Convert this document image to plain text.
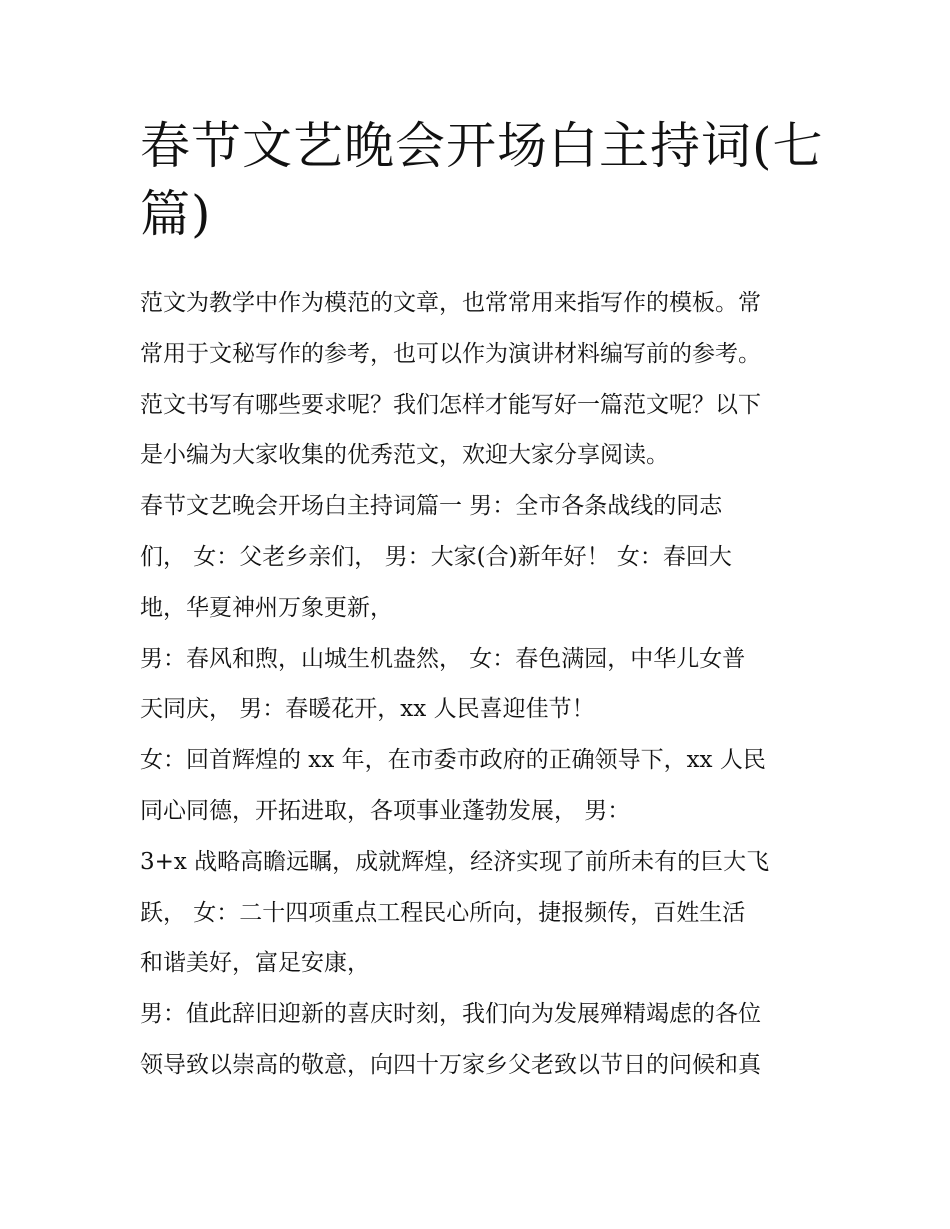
春节文艺晚会开场白主持词(七
篇)
范文为教学中作为模范的文章，也常常用来指写作的模板。常
常用于文秘写作的参考，也可以作为演讲材料编写前的参考。
范文书写有哪些要求呢？我们怎样才能写好一篇范文呢？以下
是小编为大家收集的优秀范文，欢迎大家分享阅读。
春节文艺晚会开场白主持词篇一 男：全市各条战线的同志
们， 女：父老乡亲们， 男：大家(合)新年好！ 女：春回大
地，华夏神州万象更新，
男：春风和煦，山城生机盎然， 女：春色满园，中华儿女普
天同庆， 男：春暖花开，xx 人民喜迎佳节！
女：回首辉煌的 xx 年，在市委市政府的正确领导下，xx 人民
同心同德，开拓进取，各项事业蓬勃发展， 男：
3+x 战略高瞻远瞩，成就辉煌，经济实现了前所未有的巨大飞
跃， 女：二十四项重点工程民心所向，捷报频传，百姓生活
和谐美好，富足安康，
男：值此辞旧迎新的喜庆时刻，我们向为发展殚精竭虑的各位
领导致以崇高的敬意，向四十万家乡父老致以节日的问候和真
